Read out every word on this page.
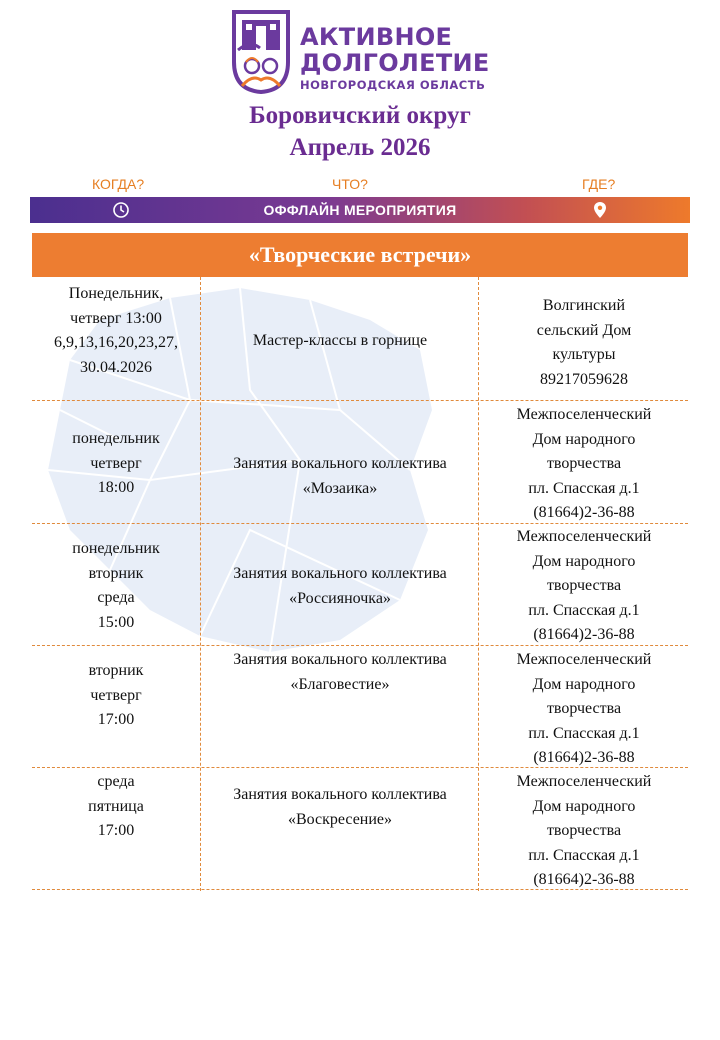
АКТИВНОЕ
ДОЛГОЛЕТИЕ
НОВГОРОДСКАЯ ОБЛАСТЬ
Боровичский округ
Апрель 2026
КОГДА?	ЧТО?	ГДЕ?
ОФФЛАЙН МЕРОПРИЯТИЯ
«Творческие встречи»
Понедельник,
четверг 13:00
6,9,13,16,20,23,27,
30.04.2026
Мастер-классы в горнице
Волгинский
сельский Дом
культуры
89217059628
понедельник
четверг
18:00
Занятия вокального коллектива
«Мозаика»
Межпоселенческий
Дом народного
творчества
пл. Спасская д.1
(81664)2-36-88
понедельник
вторник
среда
15:00
Занятия вокального коллектива
«Россияночка»
Межпоселенческий
Дом народного
творчества
пл. Спасская д.1
(81664)2-36-88
вторник
четверг
17:00
Занятия вокального коллектива
«Благовестие»
Межпоселенческий
Дом народного
творчества
пл. Спасская д.1
(81664)2-36-88
среда
пятница
17:00
Занятия вокального коллектива
«Воскресение»
Межпоселенческий
Дом народного
творчества
пл. Спасская д.1
(81664)2-36-88
